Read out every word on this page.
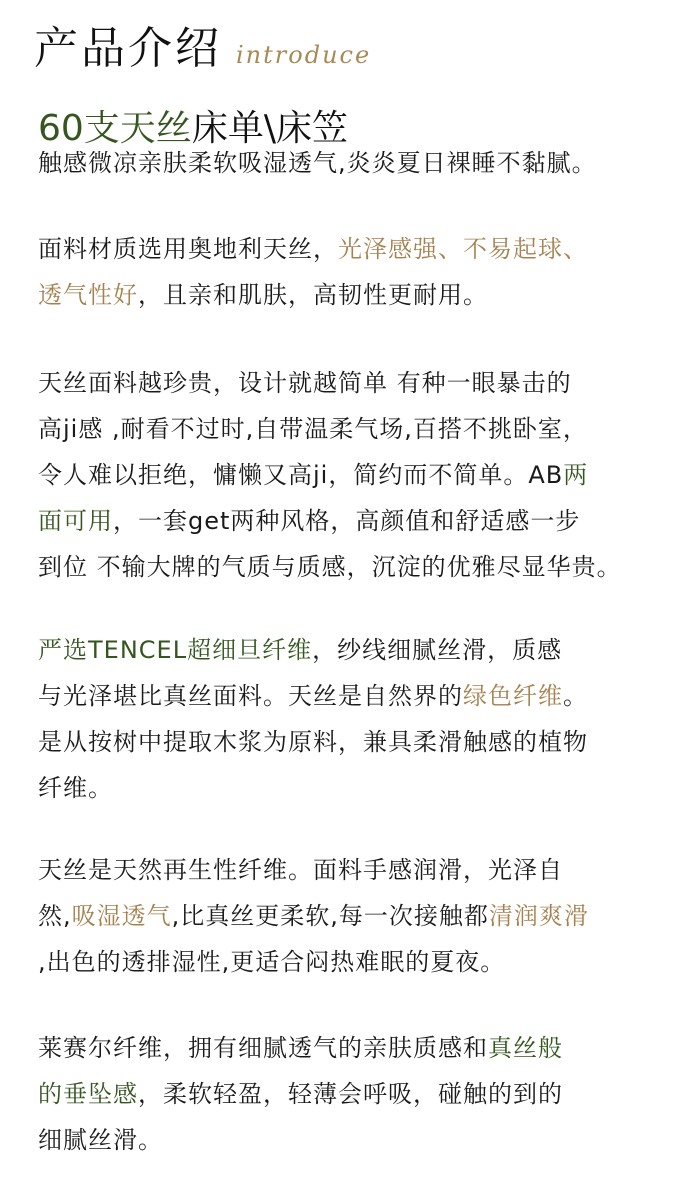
产品介绍 introduce
60支天丝床单\床笠
触感微凉亲肤柔软吸湿透气,炎炎夏日裸睡不黏腻。
面料材质选用奥地利天丝，光泽感强、不易起球、
透气性好，且亲和肌肤，高韧性更耐用。
天丝面料越珍贵，设计就越简单 有种一眼暴击的
高ji感 ,耐看不过时,自带温柔气场,百搭不挑卧室，
令人难以拒绝，慵懒又高ji，简约而不简单。AB两
面可用，一套get两种风格，高颜值和舒适感一步
到位 不输大牌的气质与质感，沉淀的优雅尽显华贵。
严选TENCEL超细旦纤维，纱线细腻丝滑，质感
与光泽堪比真丝面料。天丝是自然界的绿色纤维。
是从按树中提取木浆为原料，兼具柔滑触感的植物
纤维。
天丝是天然再生性纤维。面料手感润滑，光泽自
然,吸湿透气,比真丝更柔软,每一次接触都清润爽滑
,出色的透排湿性,更适合闷热难眠的夏夜。
莱赛尔纤维，拥有细腻透气的亲肤质感和真丝般
的垂坠感，柔软轻盈，轻薄会呼吸，碰触的到的
细腻丝滑。
